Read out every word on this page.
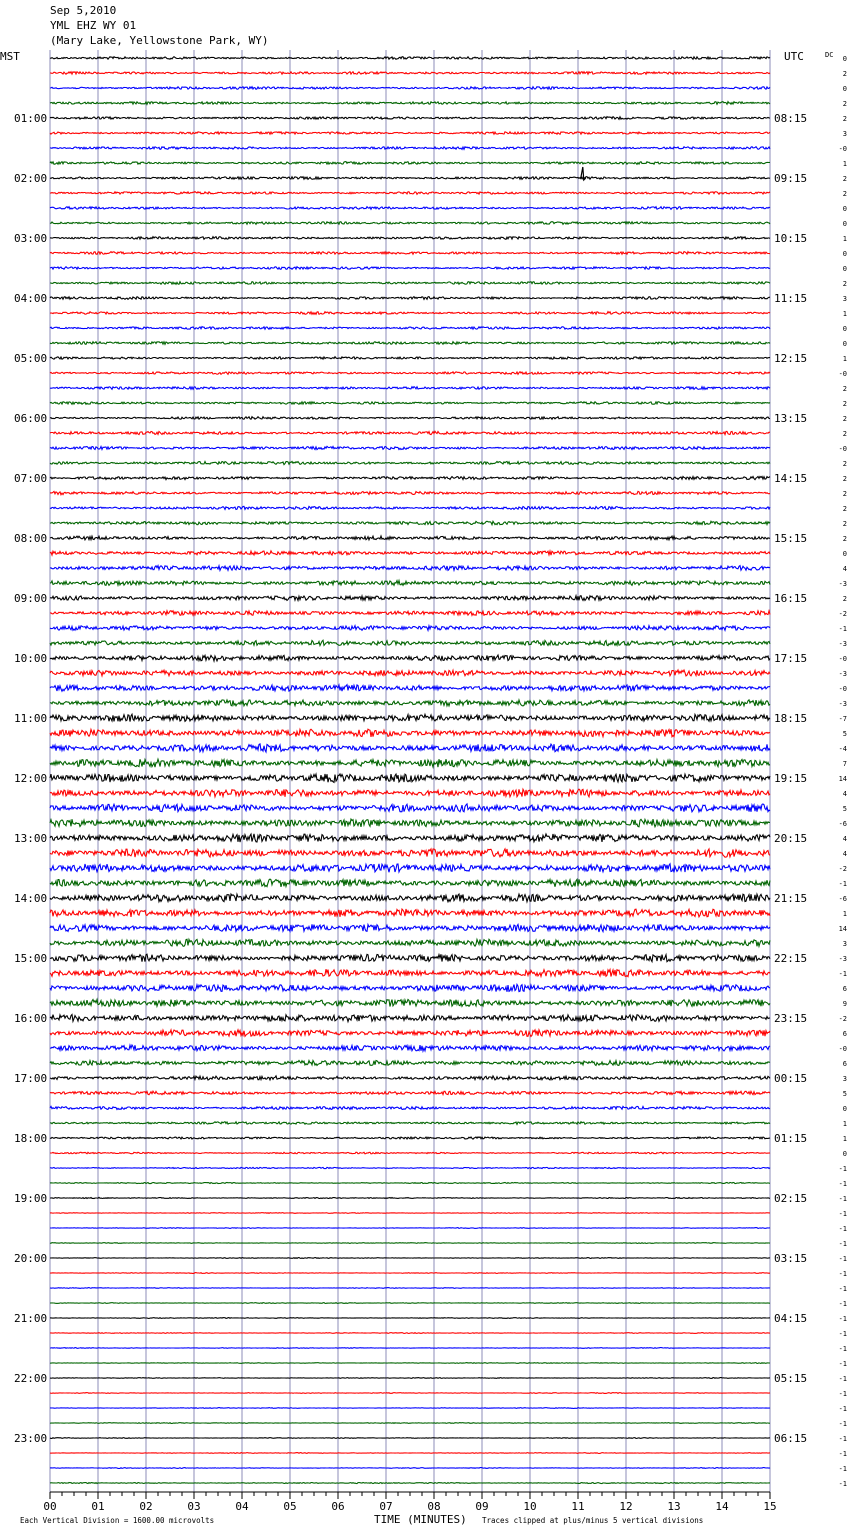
Sep 5,2010
YML EHZ WY 01
(Mary Lake, Yellowstone Park, WY)
01:00
02:00
03:00
04:00
05:00
06:00
07:00
08:00
09:00
10:00
11:00
12:00
13:00
14:00
15:00
16:00
17:00
18:00
19:00
20:00
21:00
22:00
23:00
08:15
09:15
10:15
11:15
12:15
13:15
14:15
15:15
16:15
17:15
18:15
19:15
20:15
21:15
22:15
23:15
00:15
01:15
02:15
03:15
04:15
05:15
06:15
0
2
0
2
2
3
-0
1
2
2
0
0
1
0
0
2
3
1
0
0
1
-0
2
2
2
2
-0
2
2
2
2
2
2
0
4
-3
2
-2
-1
-3
-0
-3
-0
-3
-7
5
-4
7
14
4
5
-6
4
4
-2
-1
-6
1
14
3
-3
-1
6
9
-2
6
-0
6
3
5
0
1
1
0
-1
-1
-1
-1
-1
-1
-1
-1
-1
-1
-1
-1
-1
-1
-1
-1
-1
-1
-1
-1
-1
-1
00	01	02	03	04	05	06	07	08	09	10	11	12	13	14	15
MST	UTC	DC
TIME (MINUTES)
Each Vertical Division = 1600.00 microvolts	Traces clipped at plus/minus 5 vertical divisions
